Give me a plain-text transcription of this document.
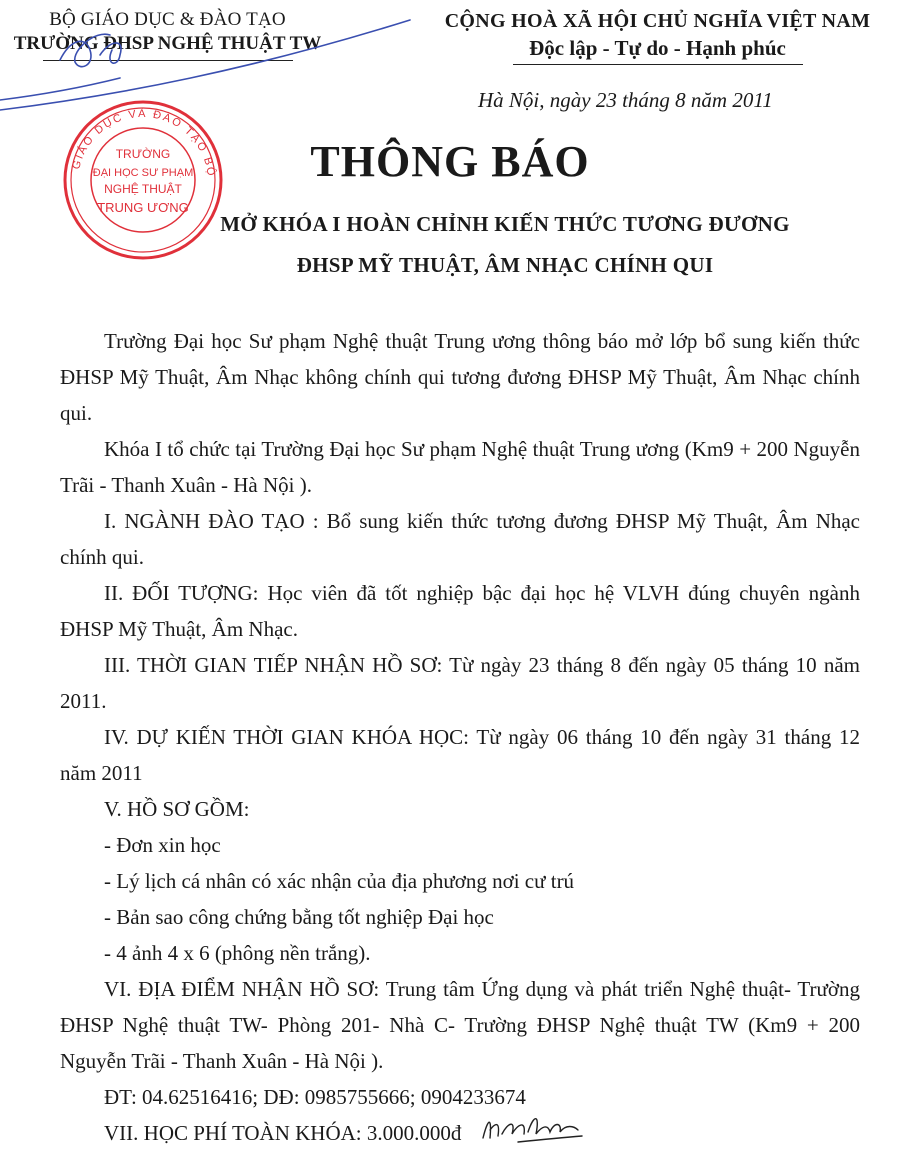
BỘ GIÁO DỤC & ĐÀO TẠO
TRƯỜNG ĐHSP NGHỆ THUẬT TW
CỘNG HOÀ XÃ HỘI CHỦ NGHĨA VIỆT NAM
Độc lập - Tự do - Hạnh phúc
Hà Nội, ngày 23 tháng 8 năm 2011
GIÁO DỤC VÀ ĐÀO TẠO BỘ
TRƯỜNG
ĐẠI HỌC SƯ PHẠM
NGHỆ THUẬT
TRUNG ƯƠNG
THÔNG BÁO
MỞ KHÓA I HOÀN CHỈNH KIẾN THỨC TƯƠNG ĐƯƠNG
ĐHSP MỸ THUẬT, ÂM NHẠC CHÍNH QUI

Trường Đại học Sư phạm Nghệ thuật Trung ương thông báo mở lớp bổ sung kiến thức ĐHSP Mỹ Thuật, Âm Nhạc không chính qui tương đương ĐHSP Mỹ Thuật, Âm Nhạc chính qui.

Khóa I tổ chức tại Trường Đại học Sư phạm Nghệ thuật Trung ương (Km9 + 200 Nguyễn Trãi - Thanh Xuân - Hà Nội ).

I. NGÀNH ĐÀO TẠO : Bổ sung kiến thức tương đương ĐHSP Mỹ Thuật, Âm Nhạc chính qui.

II. ĐỐI TƯỢNG: Học viên đã tốt nghiệp bậc đại học hệ VLVH đúng chuyên ngành ĐHSP Mỹ Thuật, Âm Nhạc.

III. THỜI GIAN TIẾP NHẬN HỒ SƠ: Từ ngày 23 tháng 8 đến ngày 05 tháng 10 năm 2011.

IV. DỰ KIẾN THỜI GIAN KHÓA HỌC: Từ ngày 06 tháng 10 đến ngày 31 tháng 12 năm 2011

V. HỒ SƠ GỒM:

- Đơn xin học

- Lý lịch cá nhân có xác nhận của địa phương nơi cư trú

- Bản sao công chứng bằng tốt nghiệp Đại học

- 4 ảnh 4 x 6 (phông nền trắng).

VI. ĐỊA ĐIỂM NHẬN HỒ SƠ: Trung tâm Ứng dụng và phát triển Nghệ thuật- Trường ĐHSP Nghệ thuật TW- Phòng 201- Nhà C- Trường ĐHSP Nghệ thuật TW (Km9 + 200 Nguyễn Trãi - Thanh Xuân - Hà Nội ).

ĐT: 04.62516416; DĐ: 0985755666; 0904233674

VII. HỌC PHÍ TOÀN KHÓA: 3.000.000đ
